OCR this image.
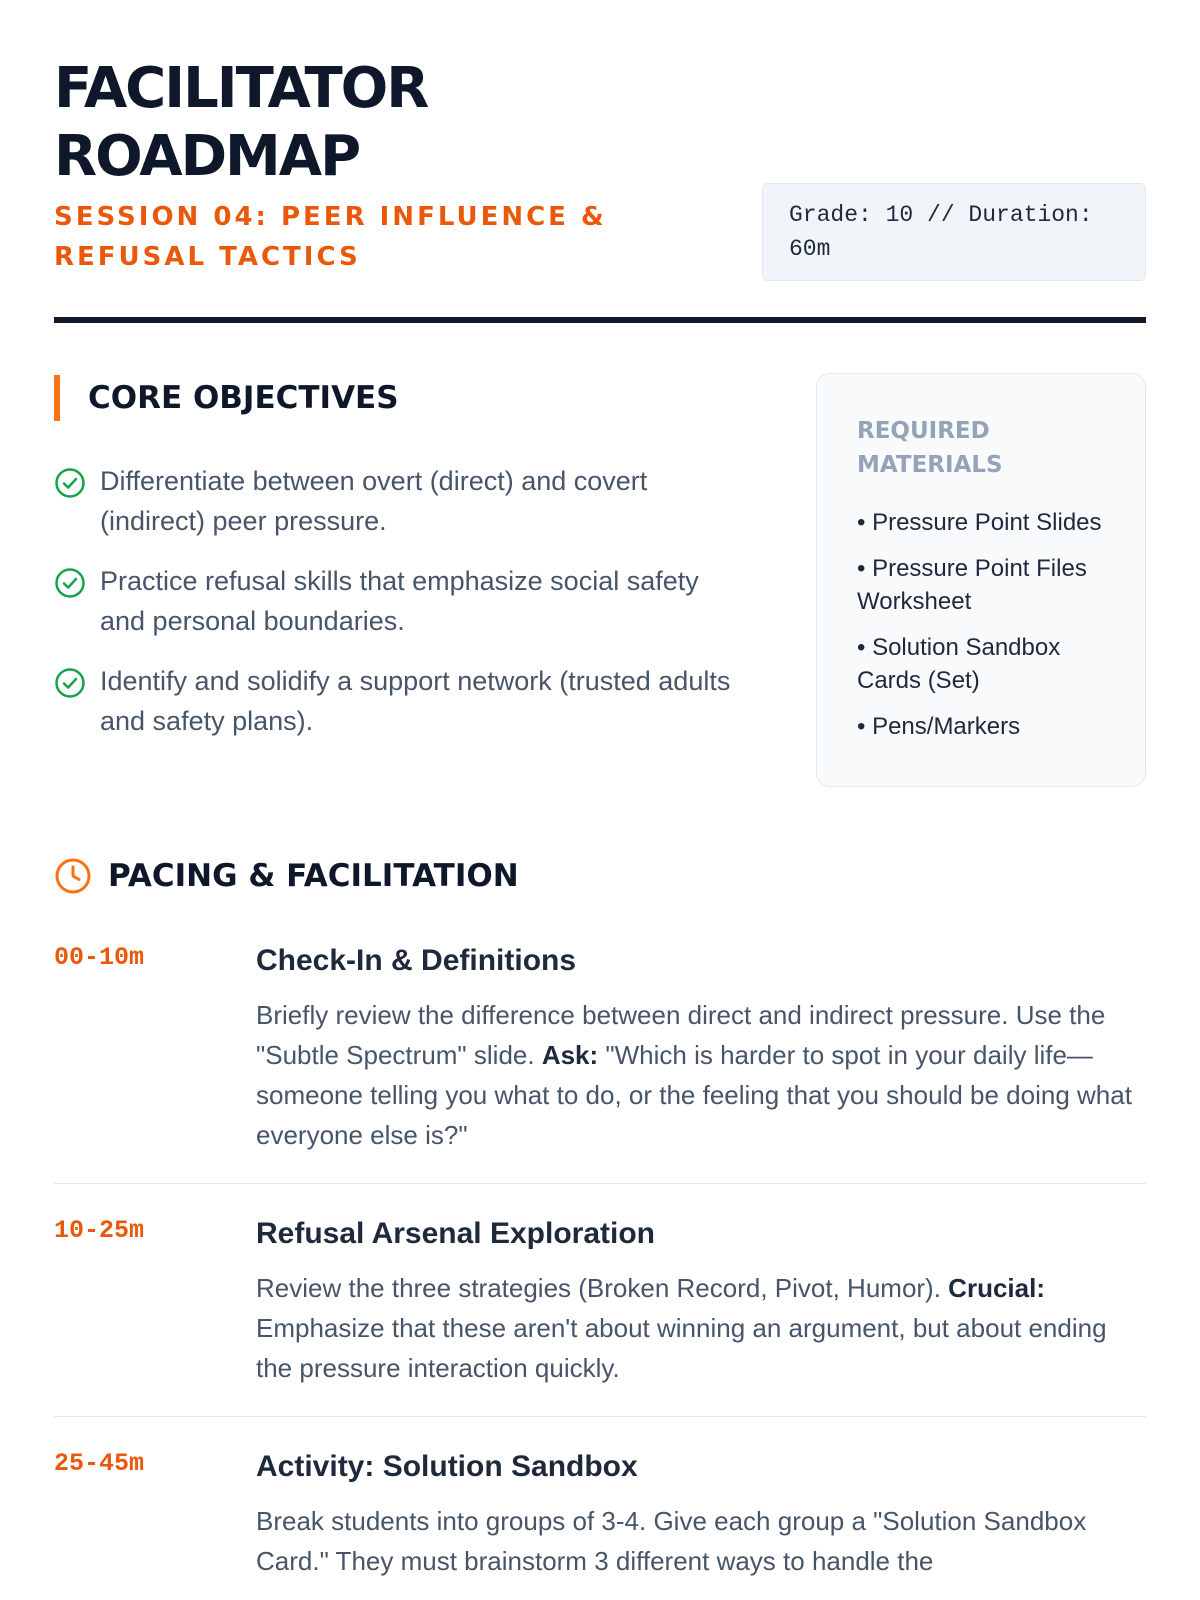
FACILITATOR ROADMAP

SESSION 04: PEER INFLUENCE & REFUSAL TACTICS

Grade: 10 // Duration: 60m
CORE OBJECTIVES
Differentiate between overt (direct) and covert (indirect) peer pressure.
Practice refusal skills that emphasize social safety and personal boundaries.
Identify and solidify a support network (trusted adults and safety plans).
REQUIRED MATERIALS
• Pressure Point Slides
• Pressure Point Files Worksheet
• Solution Sandbox Cards (Set)
• Pens/Markers
PACING & FACILITATION
00-10m	Check-In & Definitions

Briefly review the difference between direct and indirect pressure. Use the "Subtle Spectrum" slide. Ask: "Which is harder to spot in your daily life—someone telling you what to do, or the feeling that you should be doing what everyone else is?"

10-25m	Refusal Arsenal Exploration

Review the three strategies (Broken Record, Pivot, Humor). Crucial: Emphasize that these aren't about winning an argument, but about ending the pressure interaction quickly.

25-45m	Activity: Solution Sandbox

Break students into groups of 3-4. Give each group a "Solution Sandbox Card." They must brainstorm 3 different ways to handle the
